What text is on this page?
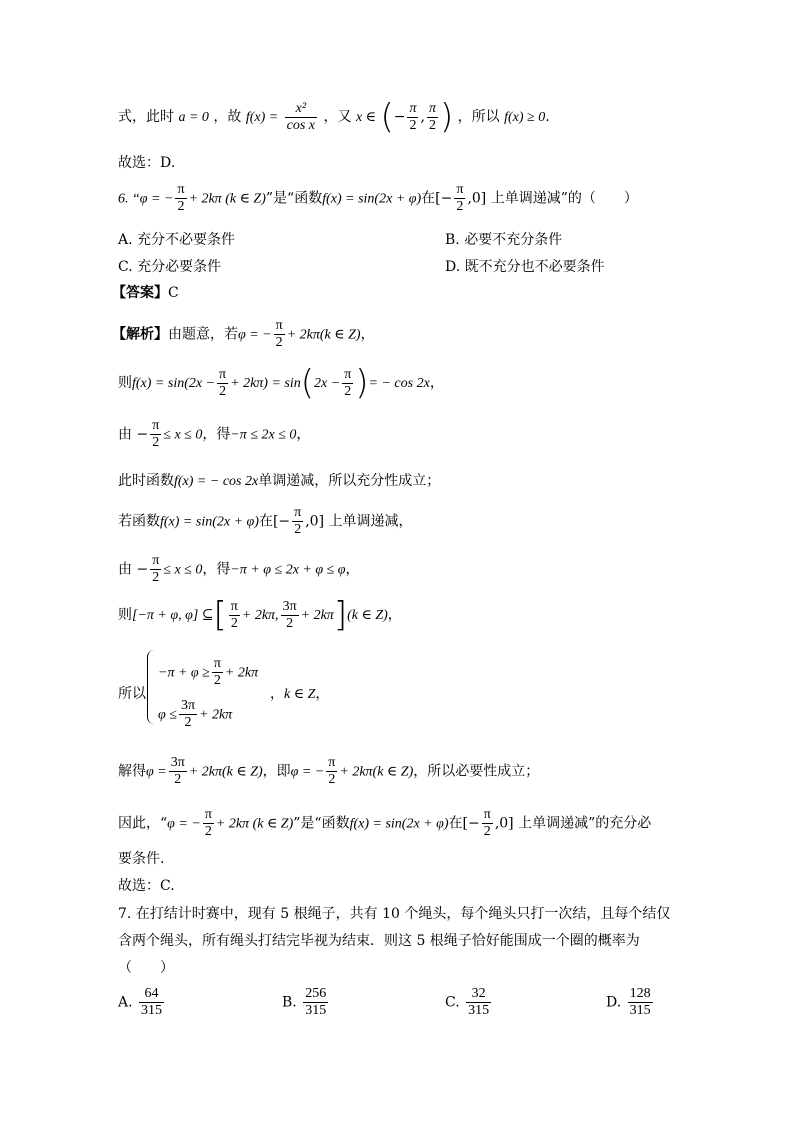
式，此时 a = 0 ，故 $f(x) = \frac{\text{x²}}{\text{cos x}}$ ，又 x ∈ (− $\frac{\pi}{2}$ , $\frac{\pi}{2}$ ) ，所以 f(x) ≥ 0.
故选：D.
6. “φ = − $\frac{\pi}{2} + 2k\pi$ (k ∈ Z)”是“函数f(x) = sin(2x + φ)在[− $\frac{\pi}{2} ,0$] 上单调递减”的（　　）
A. 充分不必要条件	B. 必要不充分条件
C. 充分必要条件	D. 既不充分也不必要条件
【答案】C
【解析】由题意，若φ = − $\frac{\pi}{2} + 2k\pi(k$ ∈ Z)，
则$f(x) = \sin(2x - \frac{\pi}{2} + 2k\pi) = \sin(2x - \frac{\pi}{2}$ )= − cos 2x，
由 − $\frac{\pi}{2} \le x \le 0$，得−π ≤ 2x ≤ 0，
此时函数f(x) = − cos 2x单调递减，所以充分性成立；
若函数f(x) = sin(2x + φ)在[− $\frac{\pi}{2} ,0$] 上单调递减，
由 − $\frac{\pi}{2} \le x \le 0$，得−π + φ ≤ 2x + φ ≤ φ，
则[−π + φ, φ] ⊆[ $\frac{\pi}{2} + 2k\pi$, $\frac{3\pi}{2} + 2k\pi](k$ ∈ Z)，
所以
$-\pi + \varphi \ge \frac{\pi}{2} + 2k\pi$
$\varphi \le \frac{3\pi}{2} + 2k\pi$
，k ∈ Z，
解得$\varphi = \frac{3\pi}{2} + 2k\pi(k$ ∈ Z)，即φ = − $\frac{\pi}{2} + 2k\pi(k$ ∈ Z)，所以必要性成立；
因此，“φ = − $\frac{\pi}{2} + 2k\pi$ (k ∈ Z)”是“函数f(x) = sin(2x + φ)在[− $\frac{\pi}{2} ,0$] 上单调递减”的充分必
要条件.
故选：C.
7. 在打结计时赛中，现有 5 根绳子，共有 10 个绳头，每个绳头只打一次结，且每个结仅
含两个绳头，所有绳头打结完毕视为结束．则这 5 根绳子恰好能围成一个圈的概率为
（　　）
A. $\frac{64}{315}$	B. $\frac{256}{315}$	C. $\frac{32}{315}$	D. $\frac{128}{315}$
